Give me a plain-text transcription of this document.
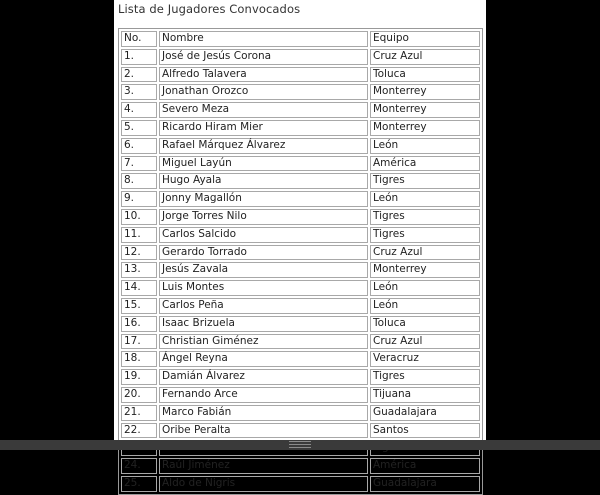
Lista de Jugadores Convocados
No.	Nombre	Equipo
1.	José de Jesús Corona	Cruz Azul
2.	Alfredo Talavera	Toluca
3.	Jonathan Orozco	Monterrey
4.	Severo Meza	Monterrey
5.	Ricardo Hiram Mier	Monterrey
6.	Rafael Márquez Álvarez	León
7.	Miguel Layún	América
8.	Hugo Ayala	Tigres
9.	Jonny Magallón	León
10.	Jorge Torres Nilo	Tigres
11.	Carlos Salcido	Tigres
12.	Gerardo Torrado	Cruz Azul
13.	Jesús Zavala	Monterrey
14.	Luis Montes	León
15.	Carlos Peña	León
16.	Isaac Brizuela	Toluca
17.	Christian Giménez	Cruz Azul
18.	Ángel Reyna	Veracruz
19.	Damián Álvarez	Tigres
20.	Fernando Arce	Tijuana
21.	Marco Fabián	Guadalajara
22.	Oribe Peralta	Santos

24.	Raúl Jiménez	América
25.	Aldo de Nigris	Guadalajara
